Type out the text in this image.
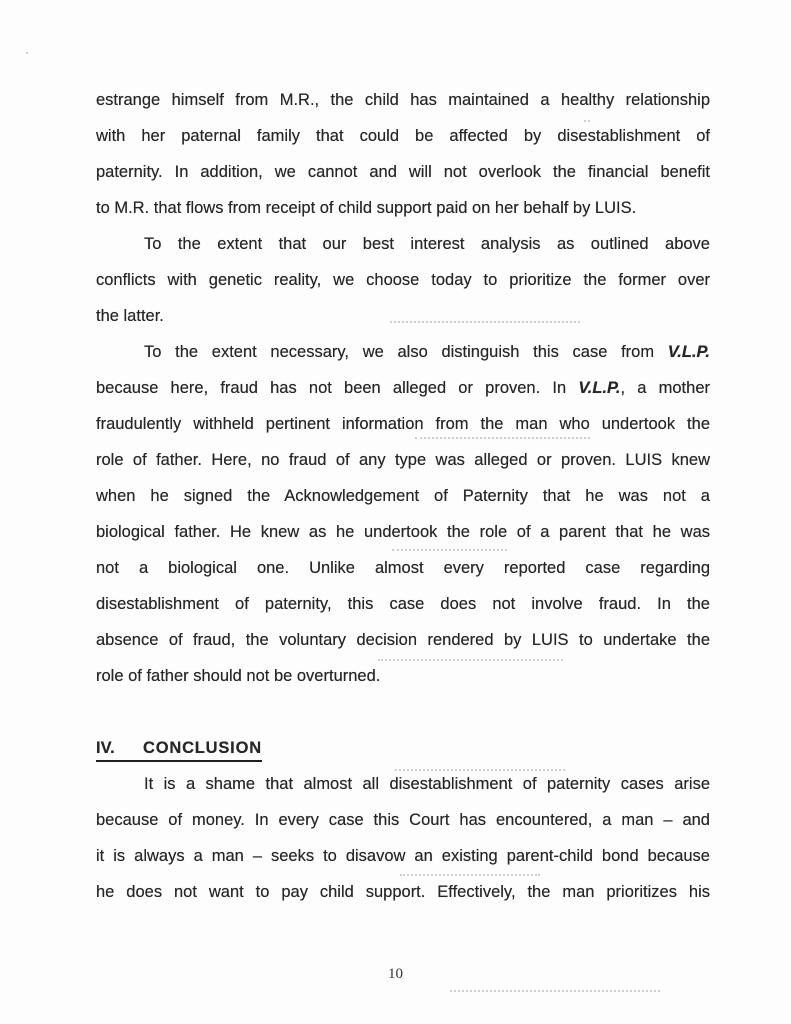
estrange himself from M.R., the child has maintained a healthy relationship
with her paternal family that could be affected by disestablishment of
paternity. In addition, we cannot and will not overlook the financial benefit
to M.R. that flows from receipt of child support paid on her behalf by LUIS.
To the extent that our best interest analysis as outlined above
conflicts with genetic reality, we choose today to prioritize the former over
the latter.
To the extent necessary, we also distinguish this case from V.L.P.
because here, fraud has not been alleged or proven. In V.L.P., a mother
fraudulently withheld pertinent information from the man who undertook the
role of father. Here, no fraud of any type was alleged or proven. LUIS knew
when he signed the Acknowledgement of Paternity that he was not a
biological father. He knew as he undertook the role of a parent that he was
not a biological one. Unlike almost every reported case regarding
disestablishment of paternity, this case does not involve fraud. In the
absence of fraud, the voluntary decision rendered by LUIS to undertake the
role of father should not be overturned.
IV. CONCLUSION
It is a shame that almost all disestablishment of paternity cases arise
because of money. In every case this Court has encountered, a man – and
it is always a man – seeks to disavow an existing parent-child bond because
he does not want to pay child support. Effectively, the man prioritizes his
10
